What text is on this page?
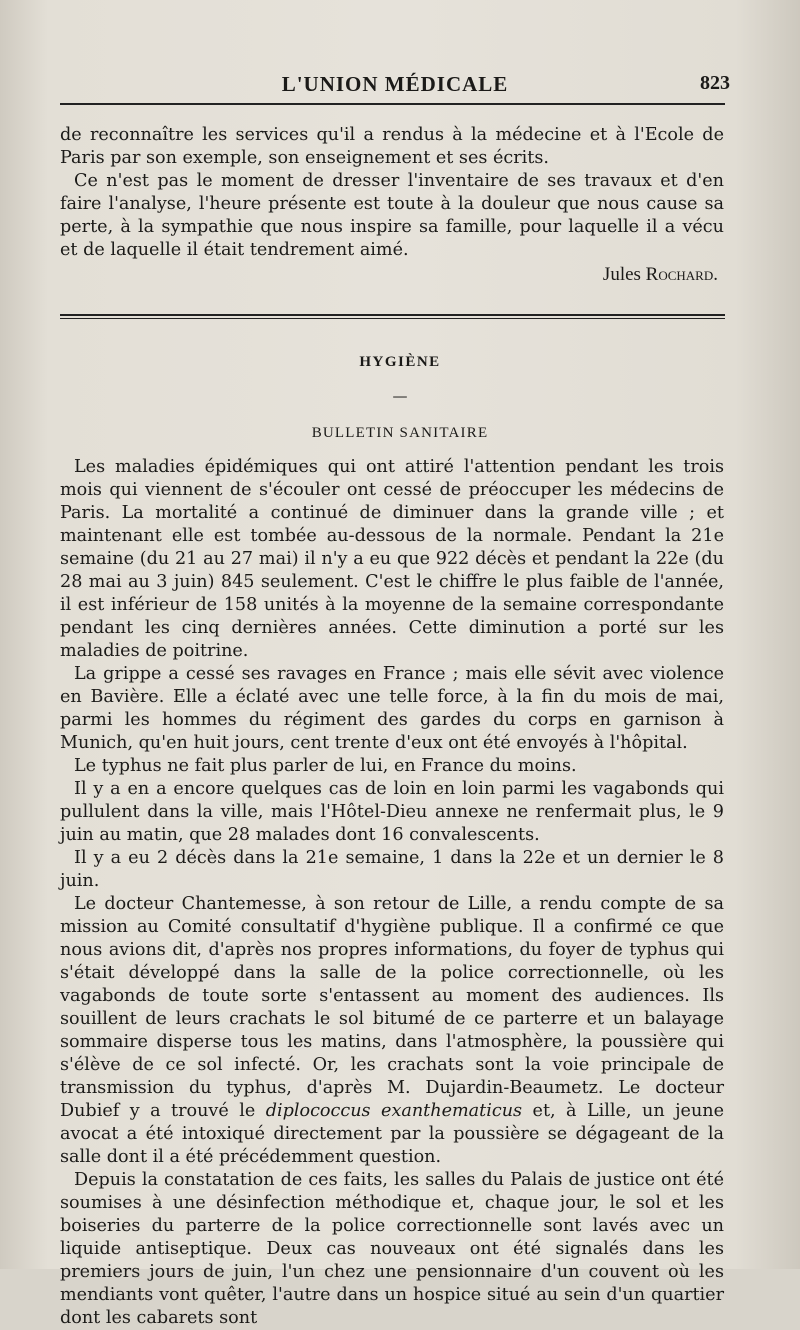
L'UNION MÉDICALE	823

de reconnaître les services qu'il a rendus à la médecine et à l'Ecole de Paris par son exemple, son enseignement et ses écrits.

Ce n'est pas le moment de dresser l'inventaire de ses travaux et d'en faire l'analyse, l'heure présente est toute à la douleur que nous cause sa perte, à la sympathie que nous inspire sa famille, pour laquelle il a vécu et de laquelle il était tendrement aimé.

Jules Rochard.
HYGIÈNE
—
BULLETIN SANITAIRE

Les maladies épidémiques qui ont attiré l'attention pendant les trois mois qui viennent de s'écouler ont cessé de préoccuper les médecins de Paris. La mortalité a continué de diminuer dans la grande ville ; et maintenant elle est tombée au-dessous de la normale. Pendant la 21e semaine (du 21 au 27 mai) il n'y a eu que 922 décès et pendant la 22e (du 28 mai au 3 juin) 845 seulement. C'est le chiffre le plus faible de l'année, il est inférieur de 158 unités à la moyenne de la semaine correspondante pendant les cinq dernières années. Cette diminution a porté sur les maladies de poitrine.

La grippe a cessé ses ravages en France ; mais elle sévit avec violence en Bavière. Elle a éclaté avec une telle force, à la fin du mois de mai, parmi les hommes du régiment des gardes du corps en garnison à Munich, qu'en huit jours, cent trente d'eux ont été envoyés à l'hôpital.

Le typhus ne fait plus parler de lui, en France du moins.

Il y a en a encore quelques cas de loin en loin parmi les vagabonds qui pullulent dans la ville, mais l'Hôtel-Dieu annexe ne renfermait plus, le 9 juin au matin, que 28 malades dont 16 convalescents.

Il y a eu 2 décès dans la 21e semaine, 1 dans la 22e et un dernier le 8 juin.

Le docteur Chantemesse, à son retour de Lille, a rendu compte de sa mission au Comité consultatif d'hygiène publique. Il a confirmé ce que nous avions dit, d'après nos propres informations, du foyer de typhus qui s'était développé dans la salle de la police correctionnelle, où les vagabonds de toute sorte s'entassent au moment des audiences. Ils souillent de leurs crachats le sol bitumé de ce parterre et un balayage sommaire disperse tous les matins, dans l'atmosphère, la poussière qui s'élève de ce sol infecté. Or, les crachats sont la voie principale de transmission du typhus, d'après M. Dujardin-Beaumetz. Le docteur Dubief y a trouvé le diplococcus exanthematicus et, à Lille, un jeune avocat a été intoxiqué directement par la poussière se dégageant de la salle dont il a été précédemment question.

Depuis la constatation de ces faits, les salles du Palais de justice ont été soumises à une désinfection méthodique et, chaque jour, le sol et les boiseries du parterre de la police correctionnelle sont lavés avec un liquide antiseptique. Deux cas nouveaux ont été signalés dans les premiers jours de juin, l'un chez une pensionnaire d'un couvent où les mendiants vont quêter, l'autre dans un hospice situé au sein d'un quartier dont les cabarets sont
